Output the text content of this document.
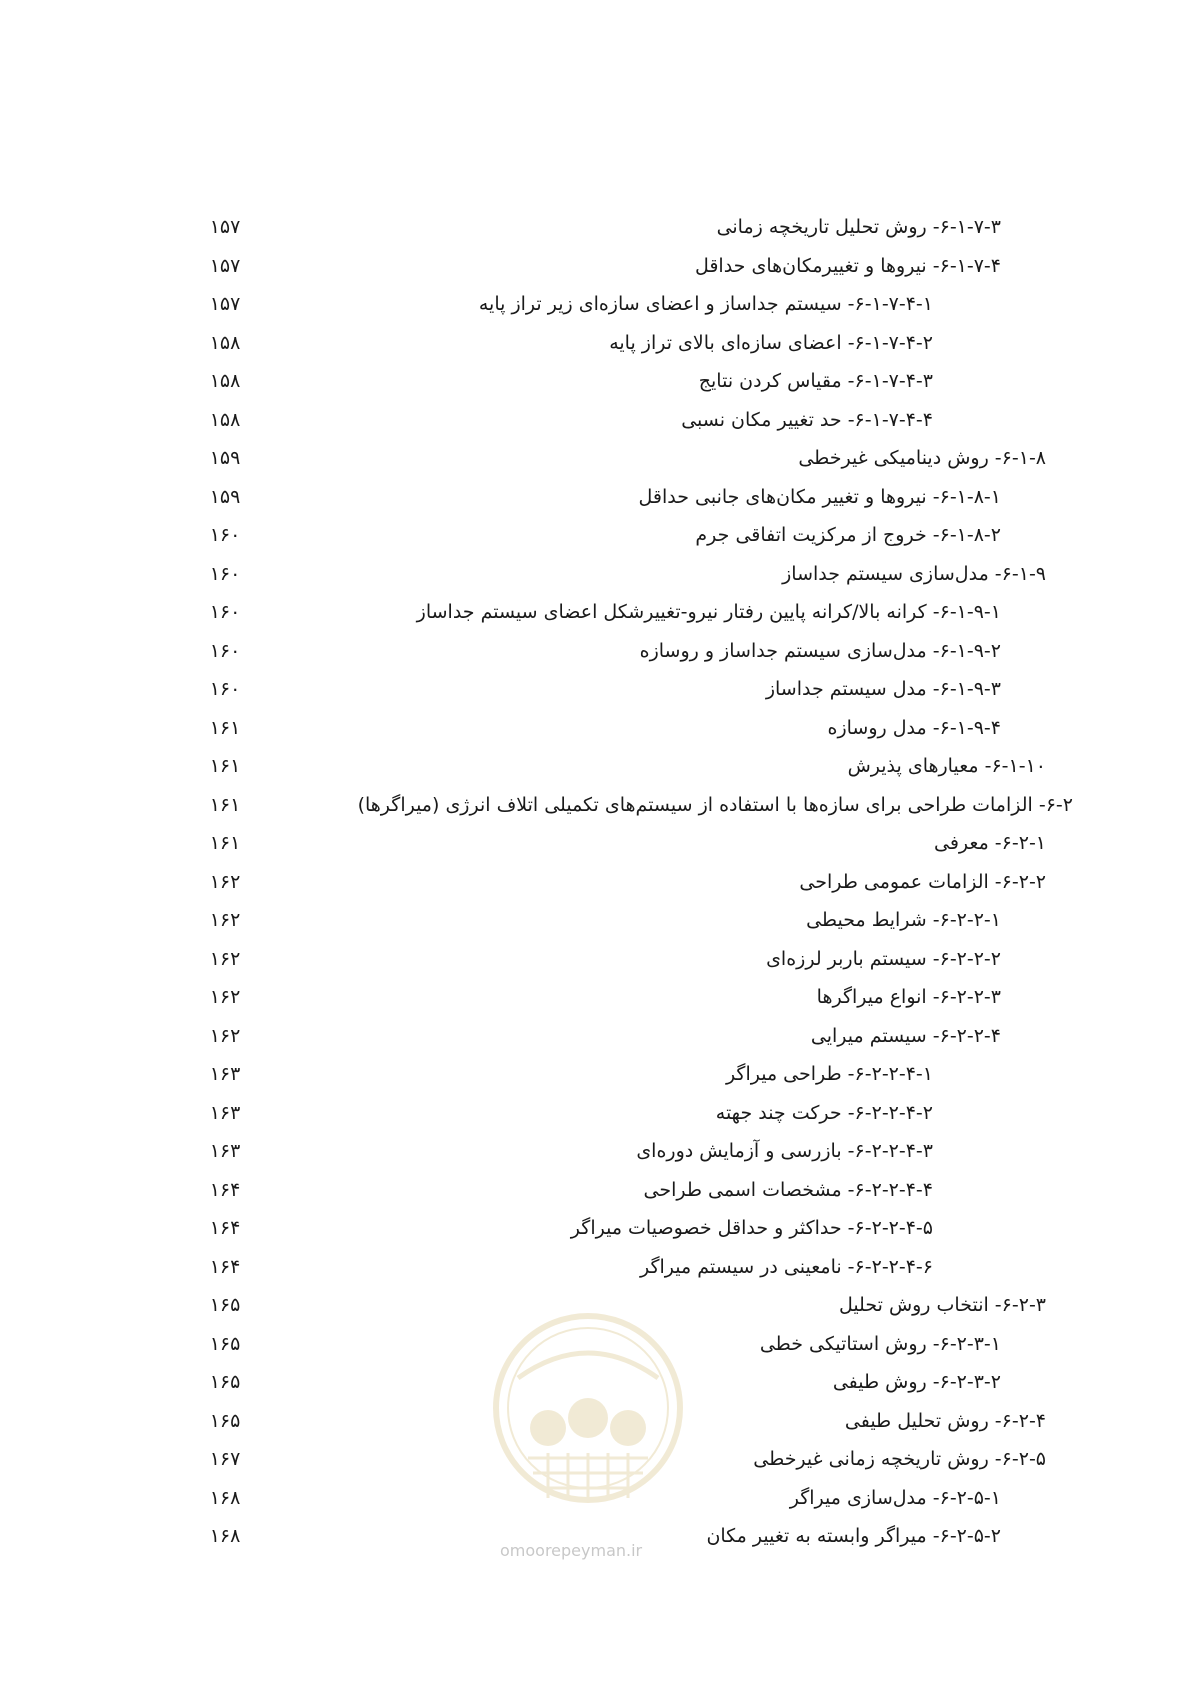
۶-۱-۷-۳- روش تحلیل تاریخچه زمانی
۱۵۷
۶-۱-۷-۴- نیروها و تغییرمکان‌های حداقل
۱۵۷
۶-۱-۷-۴-۱- سیستم جداساز و اعضای سازه‌ای زیر تراز پایه
۱۵۷
۶-۱-۷-۴-۲- اعضای سازه‌ای بالای تراز پایه
۱۵۸
۶-۱-۷-۴-۳- مقیاس کردن نتایج
۱۵۸
۶-۱-۷-۴-۴- حد تغییر مکان نسبی
۱۵۸
۶-۱-۸- روش دینامیکی غیرخطی
۱۵۹
۶-۱-۸-۱- نیروها و تغییر مکان‌های جانبی حداقل
۱۵۹
۶-۱-۸-۲- خروج از مرکزیت اتفاقی جرم
۱۶۰
۶-۱-۹- مدل‌سازی سیستم جداساز
۱۶۰
۶-۱-۹-۱- کرانه بالا/کرانه پایین رفتار نیرو-تغییرشکل اعضای سیستم جداساز
۱۶۰
۶-۱-۹-۲- مدل‌سازی سیستم جداساز و روسازه
۱۶۰
۶-۱-۹-۳- مدل سیستم جداساز
۱۶۰
۶-۱-۹-۴- مدل روسازه
۱۶۱
۶-۱-۱۰- معیارهای پذیرش
۱۶۱
۶-۲- الزامات طراحی برای سازه‌ها با استفاده از سیستم‌های تکمیلی اتلاف انرژی (میراگرها)
۱۶۱
۶-۲-۱- معرفی
۱۶۱
۶-۲-۲- الزامات عمومی طراحی
۱۶۲
۶-۲-۲-۱- شرایط محیطی
۱۶۲
۶-۲-۲-۲- سیستم باربر لرزه‌ای
۱۶۲
۶-۲-۲-۳- انواع میراگرها
۱۶۲
۶-۲-۲-۴- سیستم میرایی
۱۶۲
۶-۲-۲-۴-۱- طراحی میراگر
۱۶۳
۶-۲-۲-۴-۲- حرکت چند جهته
۱۶۳
۶-۲-۲-۴-۳- بازرسی و آزمایش دوره‌ای
۱۶۳
۶-۲-۲-۴-۴- مشخصات اسمی طراحی
۱۶۴
۶-۲-۲-۴-۵- حداکثر و حداقل خصوصیات میراگر
۱۶۴
۶-۲-۲-۴-۶- نامعینی در سیستم میراگر
۱۶۴
۶-۲-۳- انتخاب روش تحلیل
۱۶۵
۶-۲-۳-۱- روش استاتیکی خطی
۱۶۵
۶-۲-۳-۲- روش طیفی
۱۶۵
۶-۲-۴- روش تحلیل طیفی
۱۶۵
۶-۲-۵- روش تاریخچه زمانی غیرخطی
۱۶۷
۶-۲-۵-۱- مدل‌سازی میراگر
۱۶۸
۶-۲-۵-۲- میراگر وابسته به تغییر مکان
۱۶۸
omoorepeyman.ir
